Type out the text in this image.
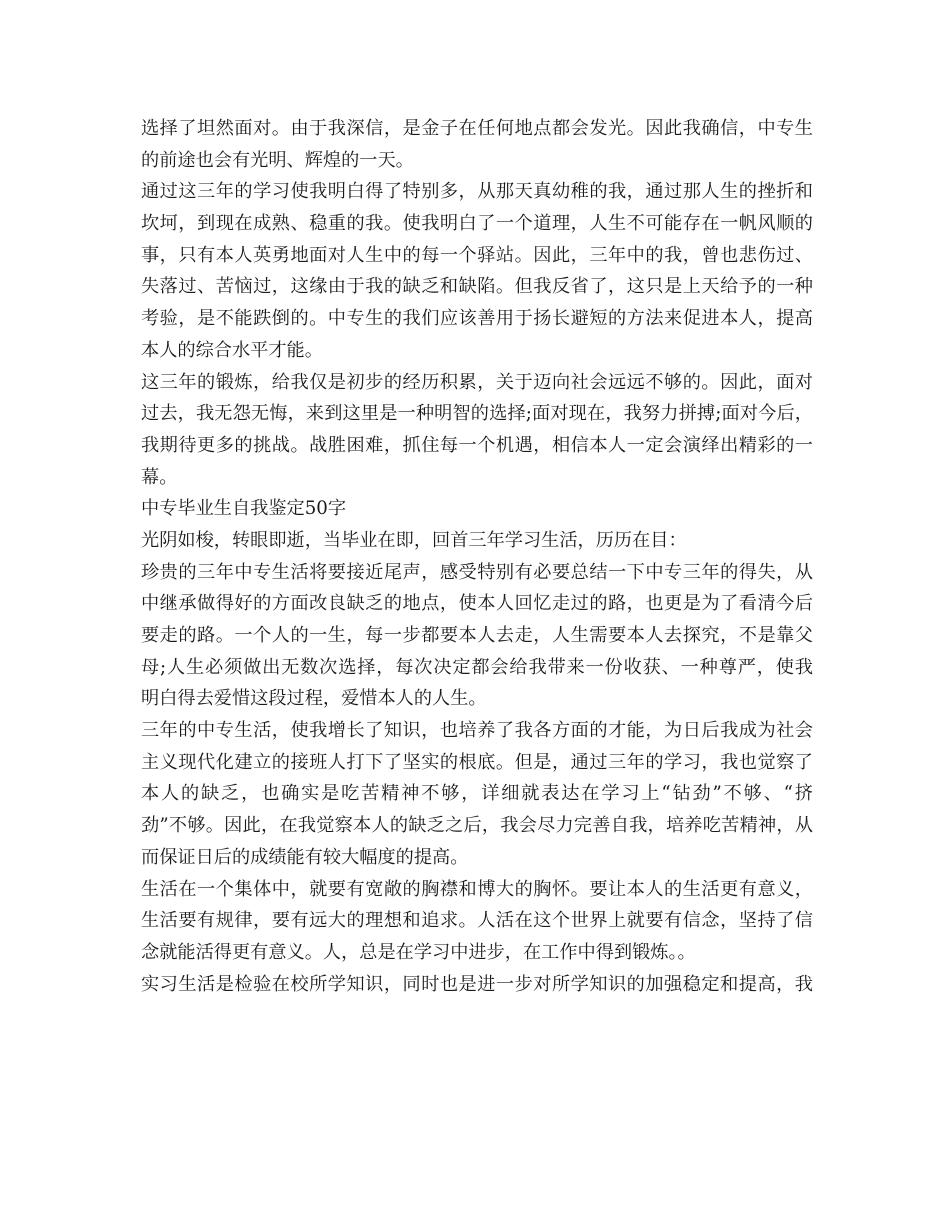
选择了坦然面对。由于我深信，是金子在任何地点都会发光。因此我确信，中专生
的前途也会有光明、辉煌的一天。
通过这三年的学习使我明白得了特别多，从那天真幼稚的我，通过那人生的挫折和
坎坷，到现在成熟、稳重的我。使我明白了一个道理，人生不可能存在一帆风顺的
事，只有本人英勇地面对人生中的每一个驿站。因此，三年中的我，曾也悲伤过、
失落过、苦恼过，这缘由于我的缺乏和缺陷。但我反省了，这只是上天给予的一种
考验，是不能跌倒的。中专生的我们应该善用于扬长避短的方法来促进本人，提高
本人的综合水平才能。
这三年的锻炼，给我仅是初步的经历积累，关于迈向社会远远不够的。因此，面对
过去，我无怨无悔，来到这里是一种明智的选择;面对现在，我努力拼搏;面对今后，
我期待更多的挑战。战胜困难，抓住每一个机遇，相信本人一定会演绎出精彩的一
幕。
中专毕业生自我鉴定50字
光阴如梭，转眼即逝，当毕业在即，回首三年学习生活，历历在目：
珍贵的三年中专生活将要接近尾声，感受特别有必要总结一下中专三年的得失，从
中继承做得好的方面改良缺乏的地点，使本人回忆走过的路，也更是为了看清今后
要走的路。一个人的一生，每一步都要本人去走，人生需要本人去探究，不是靠父
母;人生必须做出无数次选择，每次决定都会给我带来一份收获、一种尊严，使我
明白得去爱惜这段过程，爱惜本人的人生。
三年的中专生活，使我增长了知识，也培养了我各方面的才能，为日后我成为社会
主义现代化建立的接班人打下了坚实的根底。但是，通过三年的学习，我也觉察了
本人的缺乏，也确实是吃苦精神不够，详细就表达在学习上“钻劲”不够、“挤
劲”不够。因此，在我觉察本人的缺乏之后，我会尽力完善自我，培养吃苦精神，从
而保证日后的成绩能有较大幅度的提高。
生活在一个集体中，就要有宽敞的胸襟和博大的胸怀。要让本人的生活更有意义，
生活要有规律，要有远大的理想和追求。人活在这个世界上就要有信念，坚持了信
念就能活得更有意义。人，总是在学习中进步，在工作中得到锻炼。。
实习生活是检验在校所学知识，同时也是进一步对所学知识的加强稳定和提高，我
